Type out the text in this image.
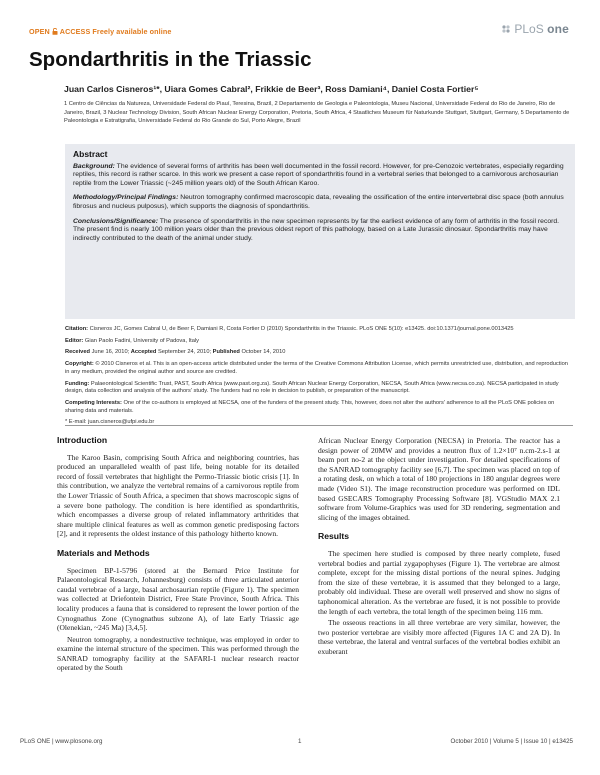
OPEN ACCESS Freely available online	PLoS one
Spondarthritis in the Triassic
Juan Carlos Cisneros¹*, Uiara Gomes Cabral², Frikkie de Beer³, Ross Damiani⁴, Daniel Costa Fortier⁵
1 Centro de Ciências da Natureza, Universidade Federal do Piauí, Teresina, Brazil, 2 Departamento de Geologia e Paleontologia, Museu Nacional, Universidade Federal do Rio de Janeiro, Rio de Janeiro, Brazil, 3 Nuclear Technology Division, South African Nuclear Energy Corporation, Pretoria, South Africa, 4 Staatliches Museum für Naturkunde Stuttgart, Stuttgart, Germany, 5 Departamento de Paleontologia e Estratigrafia, Universidade Federal do Rio Grande do Sul, Porto Alegre, Brazil
Abstract

Background: The evidence of several forms of arthritis has been well documented in the fossil record. However, for pre-Cenozoic vertebrates, especially regarding reptiles, this record is rather scarce. In this work we present a case report of spondarthritis found in a vertebral series that belonged to a carnivorous archosaurian reptile from the Lower Triassic (~245 million years old) of the South African Karoo.

Methodology/Principal Findings: Neutron tomography confirmed macroscopic data, revealing the ossification of the entire intervertebral disc space (both annulus fibrosus and nucleus pulposus), which supports the diagnosis of spondarthritis.

Conclusions/Significance: The presence of spondarthritis in the new specimen represents by far the earliest evidence of any form of arthritis in the fossil record. The present find is nearly 100 million years older than the previous oldest report of this pathology, based on a Late Jurassic dinosaur. Spondarthritis may have indirectly contributed to the death of the animal under study.

Citation: Cisneros JC, Gomes Cabral U, de Beer F, Damiani R, Costa Fortier D (2010) Spondarthritis in the Triassic. PLoS ONE 5(10): e13425. doi:10.1371/journal.pone.0013425

Editor: Gian Paolo Fadini, University of Padova, Italy

Received June 16, 2010; Accepted September 24, 2010; Published October 14, 2010

Copyright: © 2010 Cisneros et al. This is an open-access article distributed under the terms of the Creative Commons Attribution License, which permits unrestricted use, distribution, and reproduction in any medium, provided the original author and source are credited.

Funding: Palaeontological Scientific Trust, PAST, South Africa (www.past.org.za). South African Nuclear Energy Corporation, NECSA, South Africa (www.necsa.co.za). NECSA participated in study design, data collection and analysis of the authors' study. The funders had no role in decision to publish, or preparation of the manuscript.

Competing Interests: One of the co-authors is employed at NECSA, one of the funders of the present study. This, however, does not alter the authors' adherence to all the PLoS ONE policies on sharing data and materials.

* E-mail: juan.cisneros@ufpi.edu.br

Introduction

The Karoo Basin, comprising South Africa and neighboring countries, has produced an unparalleled wealth of past life, being notable for its detailed record of fossil vertebrates that highlight the Permo-Triassic biotic crisis [1]. In this contribution, we analyze the vertebral remains of a carnivorous reptile from the Lower Triassic of South Africa, a specimen that shows macroscopic signs of a severe bone pathology. The condition is here identified as spondarthritis, which encompasses a diverse group of related inflammatory arthritides that share multiple clinical features as well as common genetic predisposing factors [2], and it represents the oldest instance of this pathology hitherto known.

Materials and Methods

Specimen BP-1-5796 (stored at the Bernard Price Institute for Palaeontological Research, Johannesburg) consists of three articulated anterior caudal vertebrae of a large, basal archosaurian reptile (Figure 1). The specimen was collected at Driefontein District, Free State Province, South Africa. This locality produces a fauna that is considered to represent the lower portion of the Cynognathus Zone (Cynognathus subzone A), of late Early Triassic age (Olenekian, ~245 Ma) [3,4,5].

Neutron tomography, a nondestructive technique, was employed in order to examine the internal structure of the specimen. This was performed through the SANRAD tomography facility at the SAFARI-1 nuclear research reactor operated by the South

African Nuclear Energy Corporation (NECSA) in Pretoria. The reactor has a design power of 20MW and provides a neutron flux of 1.2×10⁷ n.cm-2.s-1 at beam port no-2 at the object under investigation. For detailed specifications of the SANRAD tomography facility see [6,7]. The specimen was placed on top of a rotating desk, on which a total of 180 projections in 180 angular degrees were made (Video S1). The image reconstruction procedure was performed on IDL based GSECARS Tomography Processing Software [8]. VGStudio MAX 2.1 software from Volume-Graphics was used for 3D rendering, segmentation and slicing of the images obtained.

Results

The specimen here studied is composed by three nearly complete, fused vertebral bodies and partial zygapophyses (Figure 1). The vertebrae are almost complete, except for the missing distal portions of the neural spines. Judging from the size of these vertebrae, it is assumed that they belonged to a large, probably old individual. These are overall well preserved and show no signs of taphonomical alteration. As the vertebrae are fused, it is not possible to provide the length of each vertebra, the total length of the specimen being 116 mm.

The osseous reactions in all three vertebrae are very similar, however, the two posterior vertebrae are visibly more affected (Figures 1A C and 2A D). In these vertebrae, the lateral and ventral surfaces of the vertebral bodies exhibit an exuberant

PLoS ONE | www.plosone.org	1	October 2010 | Volume 5 | Issue 10 | e13425
